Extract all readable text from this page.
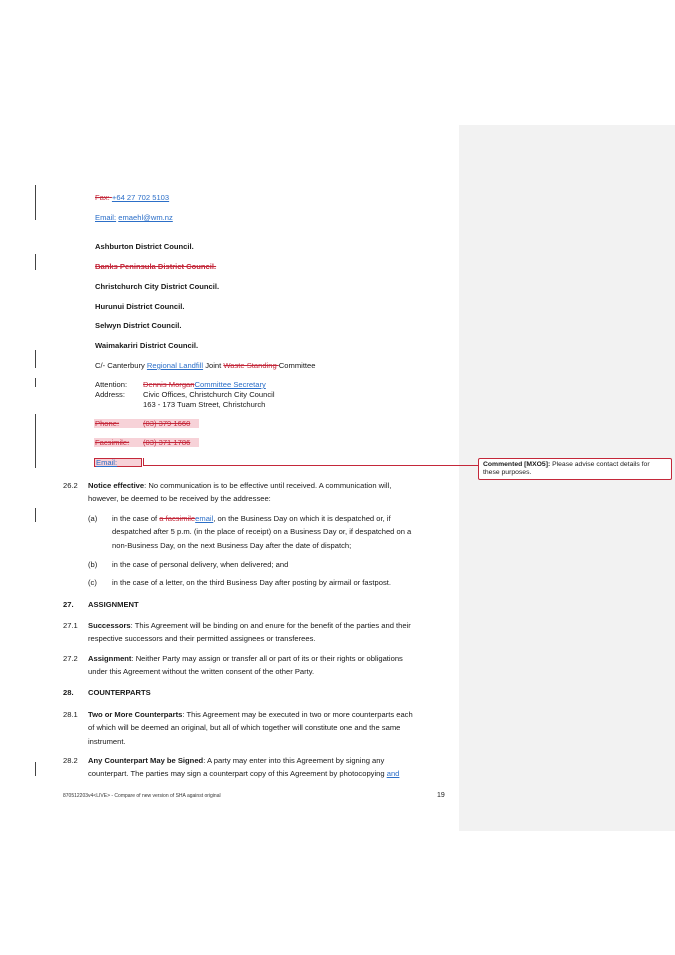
Fax: +64 27 702 5103
Email: emaehl@wm.nz
Ashburton District Council.
Banks Peninsula District Council.
Christchurch City District Council.
Hurunui District Council.
Selwyn District Council.
Waimakariri District Council.
C/- Canterbury Regional Landfill Joint Waste Standing Committee
Attention: Dennis MorganCommittee Secretary
Address: Civic Offices, Christchurch City Council
163 - 173 Tuam Street, Christchurch
Phone:	(03) 379 1660
Facsimile: (03) 371 1786
Email:	Commented [MXO5]: Please advise contact details for
these purposes.
26.2 Notice effective: No communication is to be effective until received. A communication will,
however, be deemed to be received by the addressee:
(a) in the case of a facsimileemail, on the Business Day on which it is despatched or, if
despatched after 5 p.m. (in the place of receipt) on a Business Day or, if despatched on a
non-Business Day, on the next Business Day after the date of dispatch;
(b) in the case of personal delivery, when delivered; and
(c) in the case of a letter, on the third Business Day after posting by airmail or fastpost.
27. ASSIGNMENT
27.1 Successors: This Agreement will be binding on and enure for the benefit of the parties and their
respective successors and their permitted assignees or transferees.
27.2 Assignment: Neither Party may assign or transfer all or part of its or their rights or obligations
under this Agreement without the written consent of the other Party.
28. COUNTERPARTS
28.1 Two or More Counterparts: This Agreement may be executed in two or more counterparts each
of which will be deemed an original, but all of which together will constitute one and the same
instrument.
28.2 Any Counterpart May be Signed: A party may enter into this Agreement by signing any
counterpart. The parties may sign a counterpart copy of this Agreement by photocopying and
870512203v4<LIVE> - Compare of new version of SHA against original	19
